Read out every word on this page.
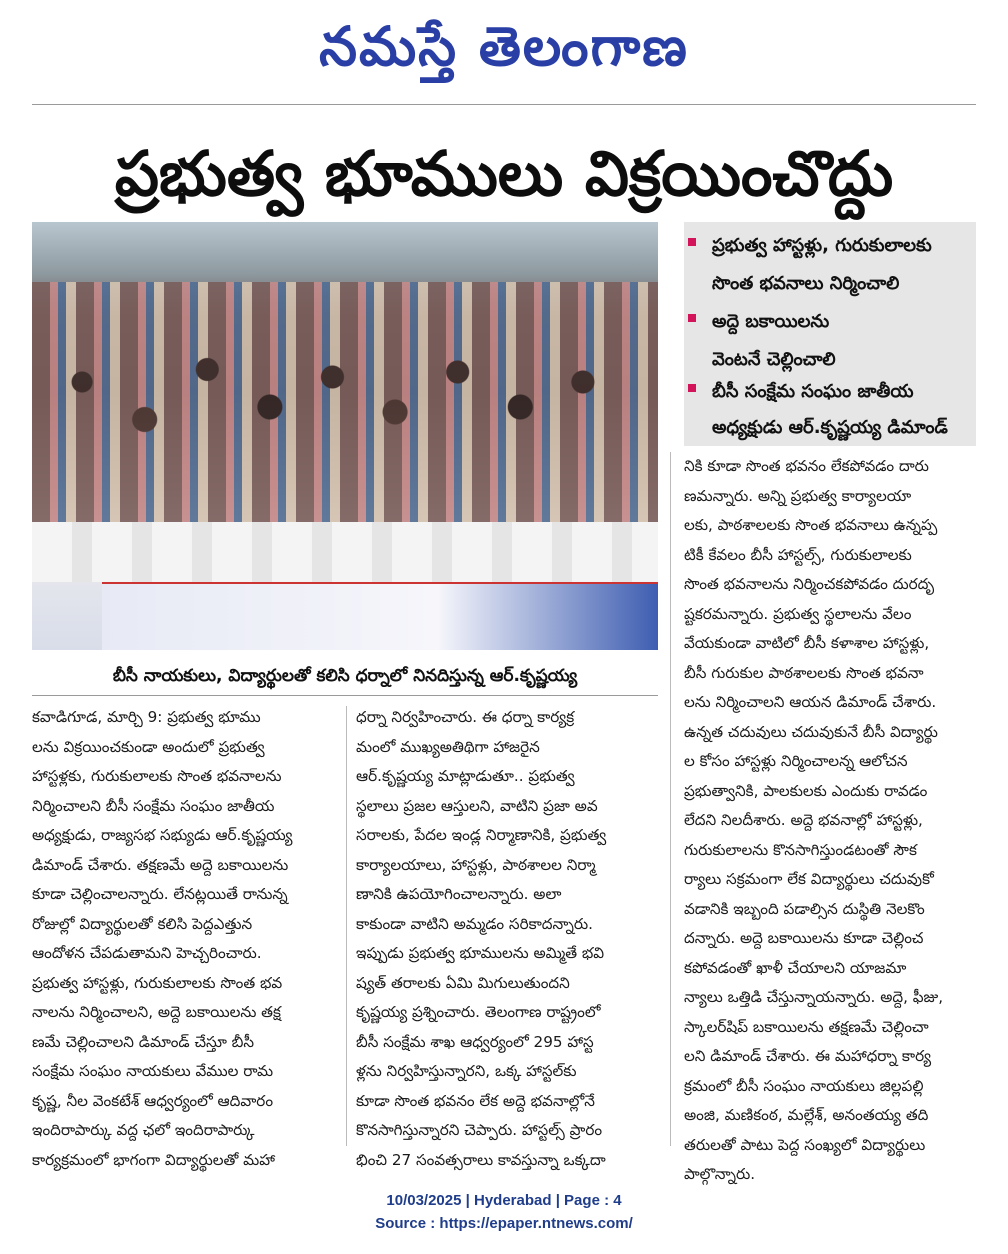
నమస్తే తెలంగాణ
ప్రభుత్వ భూములు విక్రయించొద్దు
ప్రభుత్వ హాస్టళ్లు, గురుకులాలకు
సొంత భవనాలు నిర్మించాలి
అద్దె బకాయిలను
వెంటనే చెల్లించాలి
బీసీ సంక్షేమ సంఘం జాతీయ
అధ్యక్షుడు ఆర్.కృష్ణయ్య డిమాండ్
బీసీ నాయకులు, విద్యార్థులతో కలిసి ధర్నాలో నినదిస్తున్న ఆర్.కృష్ణయ్య

నికి కూడా సొంత భవనం లేకపోవడం దారు

ణమన్నారు. అన్ని ప్రభుత్వ కార్యాలయా

లకు, పాఠశాలలకు సొంత భవనాలు ఉన్నప్ప

టికీ కేవలం బీసీ హాస్టల్స్, గురుకులాలకు

సొంత భవనాలను నిర్మించకపోవడం దురదృ

ష్టకరమన్నారు. ప్రభుత్వ స్థలాలను వేలం

వేయకుండా వాటిలో బీసీ కళాశాల హాస్టళ్లు,

బీసీ గురుకుల పాఠశాలలకు సొంత భవనా

లను నిర్మించాలని ఆయన డిమాండ్ చేశారు.

ఉన్నత చదువులు చదువుకునే బీసీ విద్యార్థు

ల కోసం హాస్టళ్లు నిర్మించాలన్న ఆలోచన

ప్రభుత్వానికి, పాలకులకు ఎందుకు రావడం

లేదని నిలదీశారు. అద్దె భవనాల్లో హాస్టళ్లు,

గురుకులాలను కొనసాగిస్తుండటంతో సౌక

ర్యాలు సక్రమంగా లేక విద్యార్థులు చదువుకో

వడానికి ఇబ్బంది పడాల్సిన దుస్థితి నెలకొం

దన్నారు. అద్దె బకాయిలను కూడా చెల్లించ

కపోవడంతో ఖాళీ చేయాలని యాజమా

న్యాలు ఒత్తిడి చేస్తున్నాయన్నారు. అద్దె, ఫీజు,

స్కాలర్‌షిప్ బకాయిలను తక్షణమే చెల్లించా

లని డిమాండ్ చేశారు. ఈ మహాధర్నా కార్య

క్రమంలో బీసీ సంఘం నాయకులు జిల్లపల్లి

అంజి, మణికంఠ, మల్లేశ్, అనంతయ్య తది

తరులతో పాటు పెద్ద సంఖ్యలో విద్యార్థులు

పాల్గొన్నారు.

కవాడిగూడ, మార్చి 9: ప్రభుత్వ భూము

లను విక్రయించకుండా అందులో ప్రభుత్వ

హాస్టళ్లకు, గురుకులాలకు సొంత భవనాలను

నిర్మించాలని బీసీ సంక్షేమ సంఘం జాతీయ

అధ్యక్షుడు, రాజ్యసభ సభ్యుడు ఆర్.కృష్ణయ్య

డిమాండ్ చేశారు. తక్షణమే అద్దె బకాయిలను

కూడా చెల్లించాలన్నారు. లేనట్లయితే రానున్న

రోజుల్లో విద్యార్థులతో కలిసి పెద్దఎత్తున

ఆందోళన చేపడుతామని హెచ్చరించారు.

ప్రభుత్వ హాస్టళ్లు, గురుకులాలకు సొంత భవ

నాలను నిర్మించాలని, అద్దె బకాయిలను తక్ష

ణమే చెల్లించాలని డిమాండ్ చేస్తూ బీసీ

సంక్షేమ సంఘం నాయకులు వేముల రామ

కృష్ణ, నీల వెంకటేశ్ ఆధ్వర్యంలో ఆదివారం

ఇందిరాపార్కు వద్ద ఛలో ఇందిరాపార్కు

కార్యక్రమంలో భాగంగా విద్యార్థులతో మహా

ధర్నా నిర్వహించారు. ఈ ధర్నా కార్యక్ర

మంలో ముఖ్యఅతిథిగా హాజరైన

ఆర్.కృష్ణయ్య మాట్లాడుతూ.. ప్రభుత్వ

స్థలాలు ప్రజల ఆస్తులని, వాటిని ప్రజా అవ

సరాలకు, పేదల ఇండ్ల నిర్మాణానికి, ప్రభుత్వ

కార్యాలయాలు, హాస్టళ్లు, పాఠశాలల నిర్మా

ణానికి ఉపయోగించాలన్నారు. అలా

కాకుండా వాటిని అమ్మడం సరికాదన్నారు.

ఇప్పుడు ప్రభుత్వ భూములను అమ్మితే భవి

ష్యత్ తరాలకు ఏమి మిగులుతుందని

కృష్ణయ్య ప్రశ్నించారు. తెలంగాణ రాష్ట్రంలో

బీసీ సంక్షేమ శాఖ ఆధ్వర్యంలో 295 హాస్ట

ళ్లను నిర్వహిస్తున్నారని, ఒక్క హాస్టల్‌కు

కూడా సొంత భవనం లేక అద్దె భవనాల్లోనే

కొనసాగిస్తున్నారని చెప్పారు. హాస్టల్స్ ప్రారం

భించి 27 సంవత్సరాలు కావస్తున్నా ఒక్కదా

10/03/2025 | Hyderabad | Page : 4
Source : https://epaper.ntnews.com/
